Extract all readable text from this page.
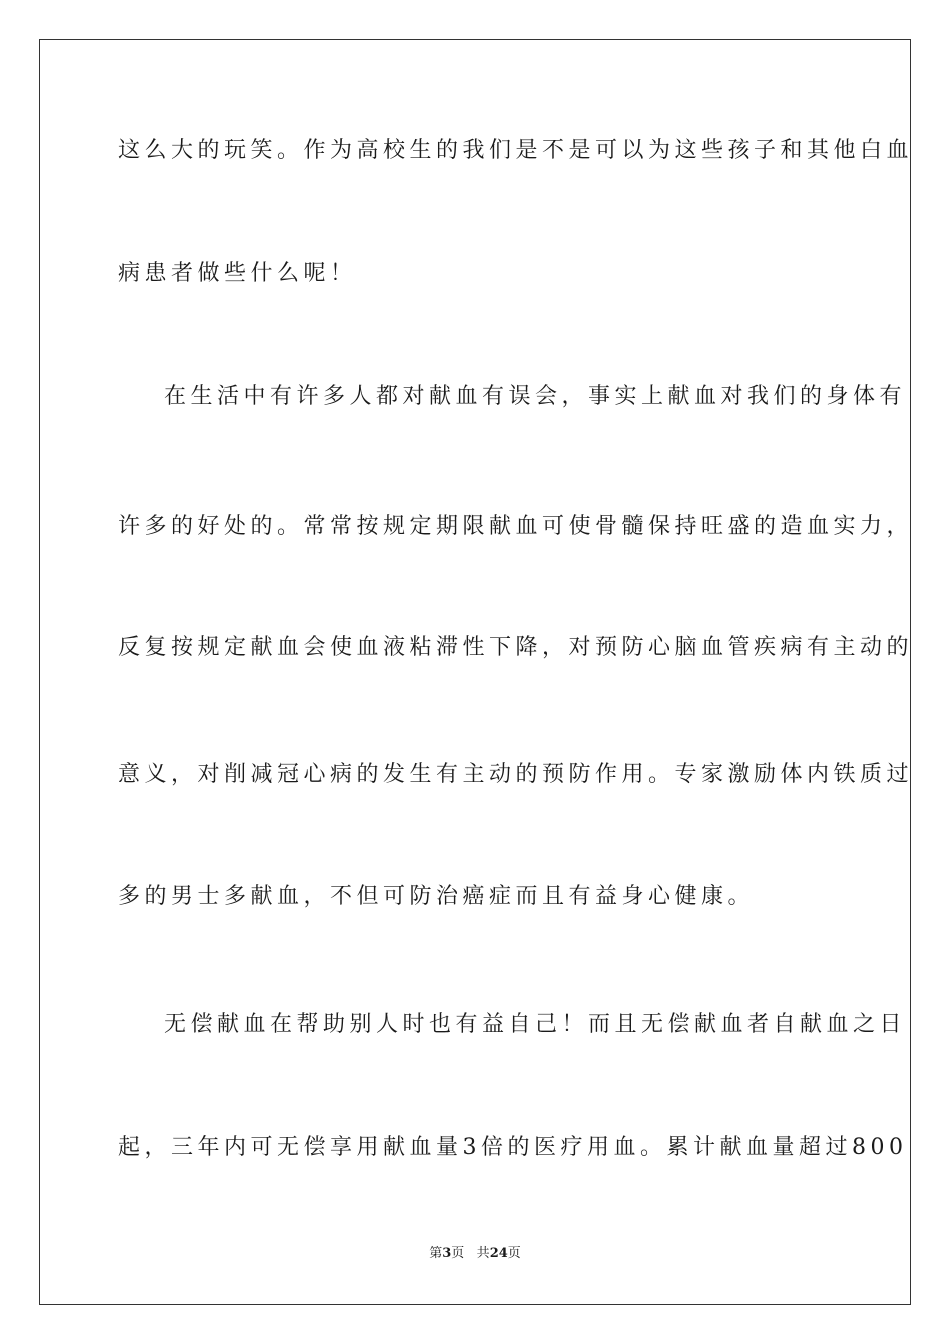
这么大的玩笑。作为高校生的我们是不是可以为这些孩子和其他白血
病患者做些什么呢！
在生活中有许多人都对献血有误会，事实上献血对我们的身体有
许多的好处的。常常按规定期限献血可使骨髓保持旺盛的造血实力，
反复按规定献血会使血液粘滞性下降，对预防心脑血管疾病有主动的
意义，对削减冠心病的发生有主动的预防作用。专家激励体内铁质过
多的男士多献血，不但可防治癌症而且有益身心健康。
无偿献血在帮助别人时也有益自己！而且无偿献血者自献血之日
起，三年内可无偿享用献血量3倍的医疗用血。累计献血量超过800
第3页 共24页
